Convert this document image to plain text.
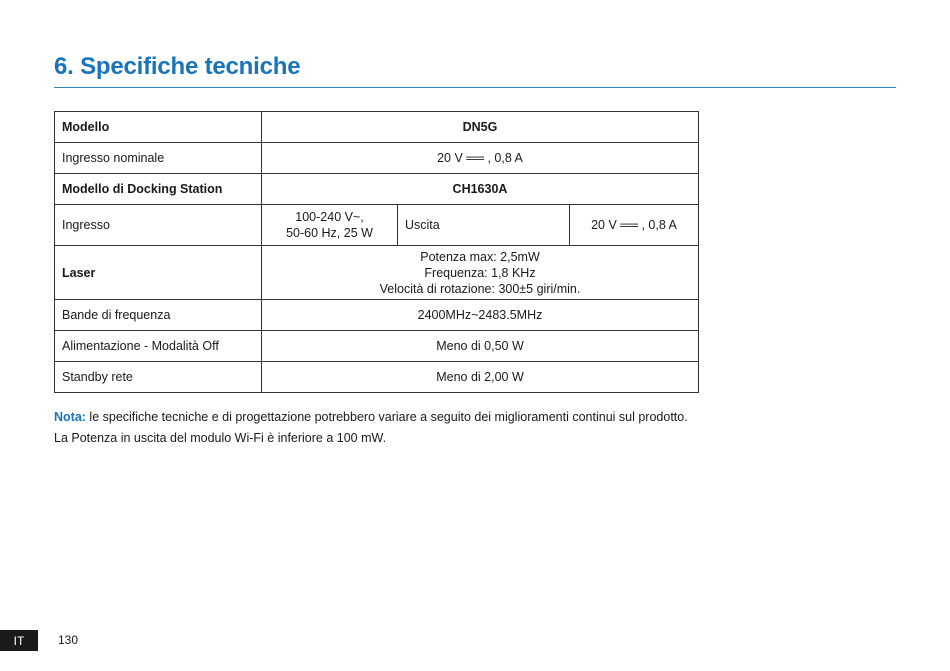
6. Specifiche tecniche
Modello	DN5G		
Ingresso nominale	20 V ══ , 0,8 A		
Modello di Docking Station	CH1630A		
Ingresso	100-240 V~,
50-60 Hz, 25 W	Uscita	20 V ══ , 0,8 A
Laser	Potenza max: 2,5mW
Frequenza: 1,8 KHz
Velocità di rotazione: 300±5 giri/min.		

Bande di frequenza	2400MHz~2483.5MHz		
Alimentazione - Modalità Off	Meno di 0,50 W		
Standby rete	Meno di 2,00 W		
Nota: le specifiche tecniche e di progettazione potrebbero variare a seguito dei miglioramenti continui sul prodotto.
La Potenza in uscita del modulo Wi-Fi è inferiore a 100 mW.
IT	130
